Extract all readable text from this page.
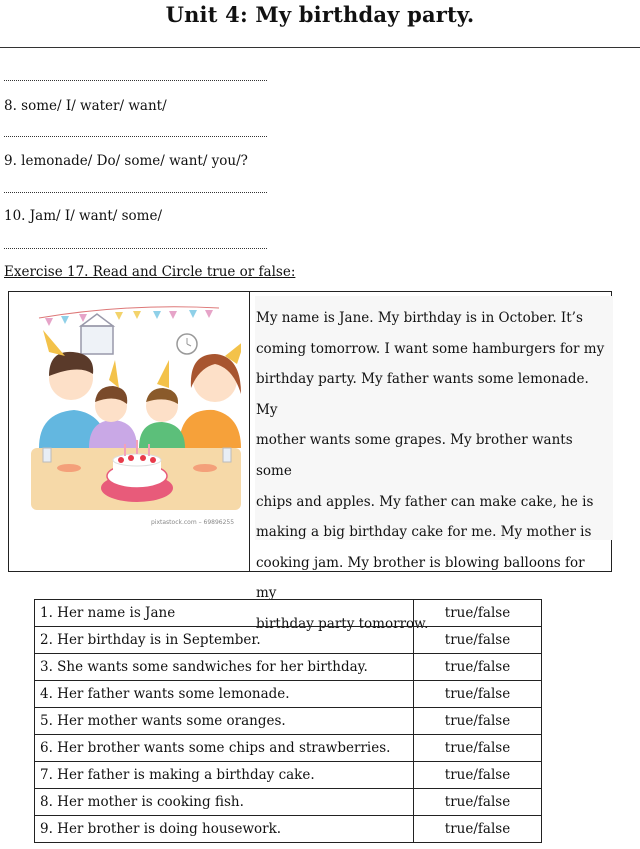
Unit 4: My birthday party.
8. some/ I/ water/ want/
9. lemonade/ Do/ some/ want/ you/?
10. Jam/ I/ want/ some/
Exercise 17. Read and Circle true or false:
pixtastock.com – 69896255

My name is Jane. My birthday is in October. It’s
coming tomorrow. I want some hamburgers for my
birthday party. My father wants some lemonade. My
mother wants some grapes. My brother wants some
chips and apples. My father can make cake, he is
making a big birthday cake for me. My mother is
cooking jam. My brother is blowing balloons for my
birthday party tomorrow.

1. Her name is Jane	true/false
2. Her birthday is in September.	true/false
3. She wants some sandwiches for her birthday.	true/false
4. Her father wants some lemonade.	true/false
5. Her mother wants some oranges.	true/false
6. Her brother wants some chips and strawberries.	true/false
7. Her father is making a birthday cake.	true/false
8. Her mother is cooking fish.	true/false
9. Her brother is doing housework.	true/false
